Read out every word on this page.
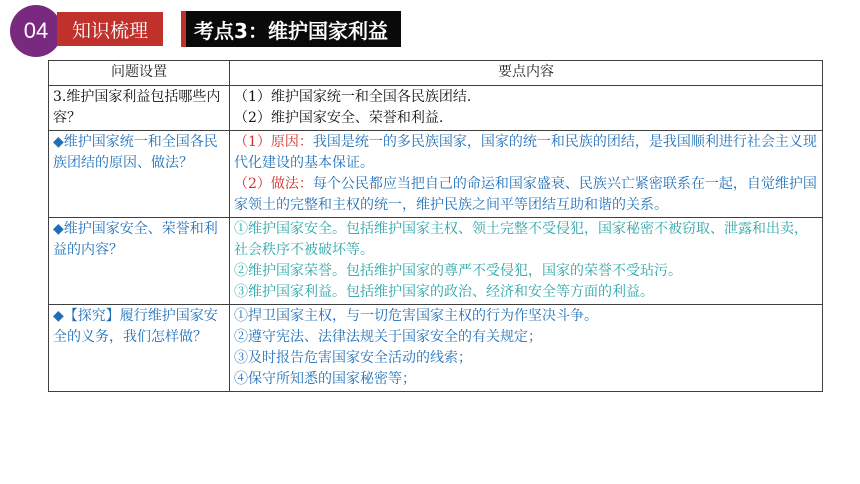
04	知识梳理	考点3：维护国家利益
问题设置	要点内容
3.维护国家利益包括哪些内容？	（1）维护国家统一和全国各民族团结.
（2）维护国家安全、荣誉和利益.

◆维护国家统一和全国各民族团结的原因、做法？	（1）原因：我国是统一的多民族国家，国家的统一和民族的团结，是我国顺利进行社会主义现代化建设的基本保证。
（2）做法：每个公民都应当把自己的命运和国家盛衰、民族兴亡紧密联系在一起，自觉维护国家领土的完整和主权的统一，维护民族之间平等团结互助和谐的关系。

◆维护国家安全、荣誉和利益的内容？	①维护国家安全。包括维护国家主权、领土完整不受侵犯，国家秘密不被窃取、泄露和出卖，社会秩序不被破坏等。
②维护国家荣誉。包括维护国家的尊严不受侵犯，国家的荣誉不受玷污。
③维护国家利益。包括维护国家的政治、经济和安全等方面的利益。

◆【探究】履行维护国家安全的义务，我们怎样做？	①捍卫国家主权，与一切危害国家主权的行为作坚决斗争。
②遵守宪法、法律法规关于国家安全的有关规定；
③及时报告危害国家安全活动的线索；
④保守所知悉的国家秘密等；
